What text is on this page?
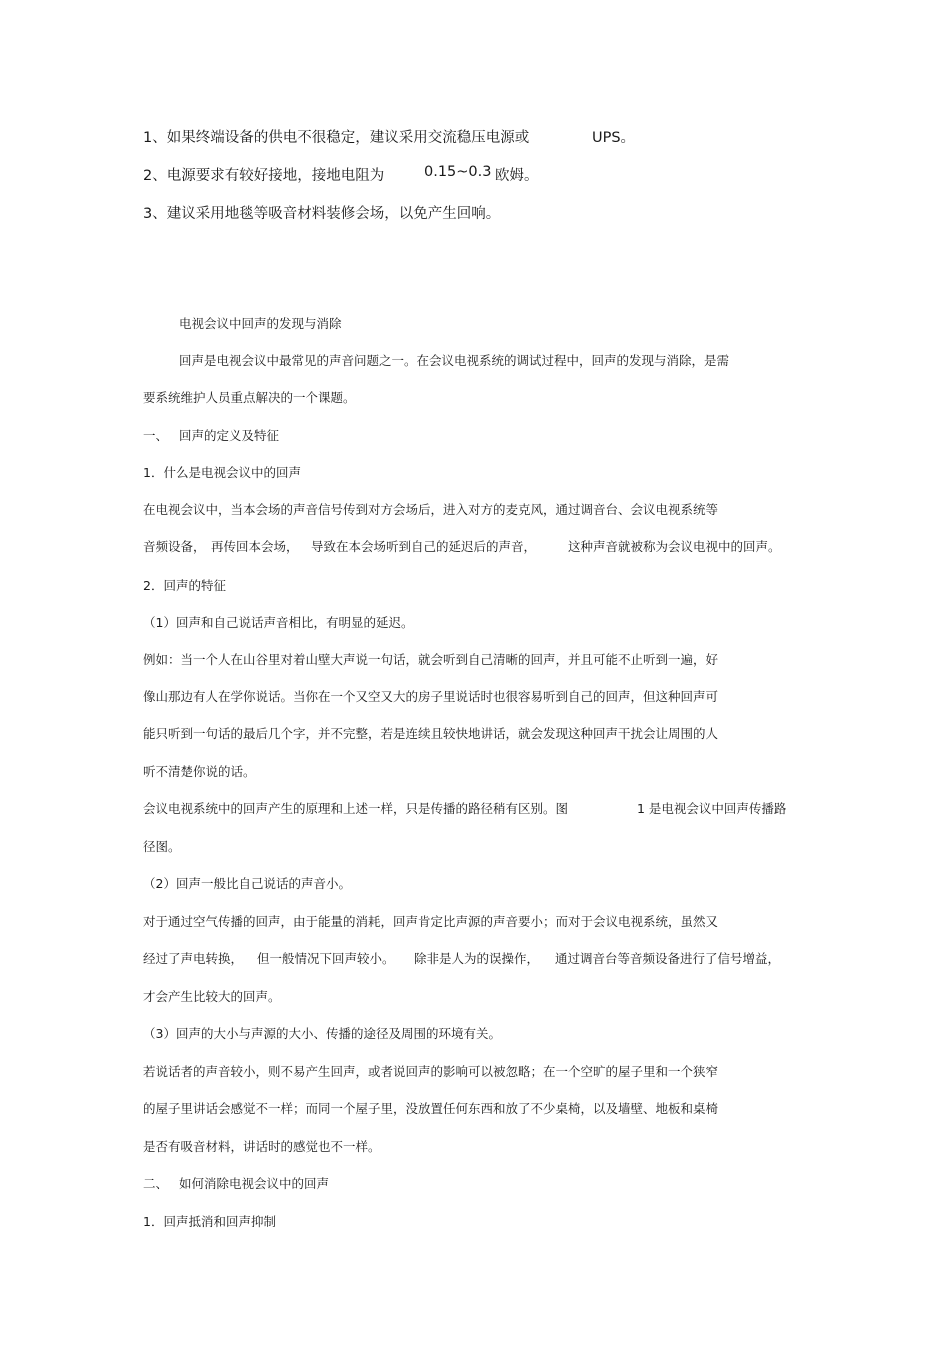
1、如果终端设备的供电不很稳定，建议采用交流稳压电源或

	UPS。

2、电源要求有较好接地，接地电阻为

	0.15~0.3

欧姆。

3、建议采用地毯等吸音材料装修会场，以免产生回响。
电视会议中回声的发现与消除
回声是电视会议中最常见的声音问题之一。在会议电视系统的调试过程中，回声的发现与消除，是需
要系统维护人员重点解决的一个课题。

一、

回声的定义及特征

1．什么是电视会议中的回声
在电视会议中，当本会场的声音信号传到对方会场后，进入对方的麦克风，通过调音台、会议电视系统等

音频设备，

再传回本会场，

导致在本会场听到自己的延迟后的声音，

	这种声音就被称为会议电视中的回声。

2．回声的特征
（1）回声和自己说话声音相比，有明显的延迟。
例如：当一个人在山谷里对着山壁大声说一句话，就会听到自己清晰的回声，并且可能不止听到一遍，好
像山那边有人在学你说话。当你在一个又空又大的房子里说话时也很容易听到自己的回声，但这种回声可
能只听到一句话的最后几个字，并不完整，若是连续且较快地讲话，就会发现这种回声干扰会让周围的人
听不清楚你说的话。

会议电视系统中的回声产生的原理和上述一样，只是传播的路径稍有区别。图

	1 是电视会议中回声传播路

径图。
（2）回声一般比自己说话的声音小。
对于通过空气传播的回声，由于能量的消耗，回声肯定比声源的声音要小；而对于会议电视系统，虽然又

经过了声电转换，

但一般情况下回声较小。

除非是人为的误操作，

通过调音台等音频设备进行了信号增益，

才会产生比较大的回声。
（3）回声的大小与声源的大小、传播的途径及周围的环境有关。
若说话者的声音较小，则不易产生回声，或者说回声的影响可以被忽略；在一个空旷的屋子里和一个狭窄
的屋子里讲话会感觉不一样；而同一个屋子里，没放置任何东西和放了不少桌椅，以及墙壁、地板和桌椅
是否有吸音材料，讲话时的感觉也不一样。

二、

如何消除电视会议中的回声

1．回声抵消和回声抑制
